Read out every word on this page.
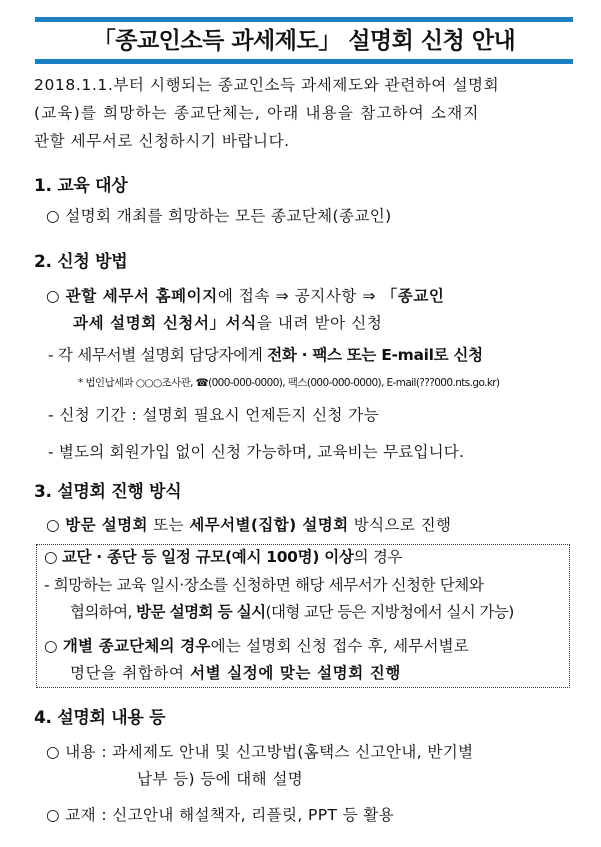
「종교인소득 과세제도」 설명회 신청 안내
2018.1.1.부터 시행되는 종교인소득 과세제도와 관련하여 설명회
(교육)를 희망하는 종교단체는, 아래 내용을 참고하여 소재지
관할 세무서로 신청하시기 바랍니다.
1. 교육 대상
○ 설명회 개최를 희망하는 모든 종교단체(종교인)
2. 신청 방법
○ 관할 세무서 홈페이지에 접속 ⇒ 공지사항 ⇒ 「종교인
과세 설명회 신청서」서식을 내려 받아 신청
- 각 세무서별 설명회 담당자에게 전화 · 팩스 또는 E-mail로 신청
* 법인납세과 ○○○조사관, ☎(000-000-0000), 팩스(000-000-0000), E-mail(???000.nts.go.kr)
- 신청 기간 : 설명회 필요시 언제든지 신청 가능
- 별도의 회원가입 없이 신청 가능하며, 교육비는 무료입니다.
3. 설명회 진행 방식
○ 방문 설명회 또는 세무서별(집합) 설명회 방식으로 진행
○ 교단 · 종단 등 일정 규모(예시 100명) 이상의 경우
- 희망하는 교육 일시·장소를 신청하면 해당 세무서가 신청한 단체와
협의하여, 방문 설명회 등 실시(대형 교단 등은 지방청에서 실시 가능)
○ 개별 종교단체의 경우에는 설명회 신청 접수 후, 세무서별로
명단을 취합하여 서별 실정에 맞는 설명회 진행
4. 설명회 내용 등
○ 내용 : 과세제도 안내 및 신고방법(홈택스 신고안내, 반기별
납부 등) 등에 대해 설명
○ 교재 : 신고안내 해설책자, 리플릿, PPT 등 활용
